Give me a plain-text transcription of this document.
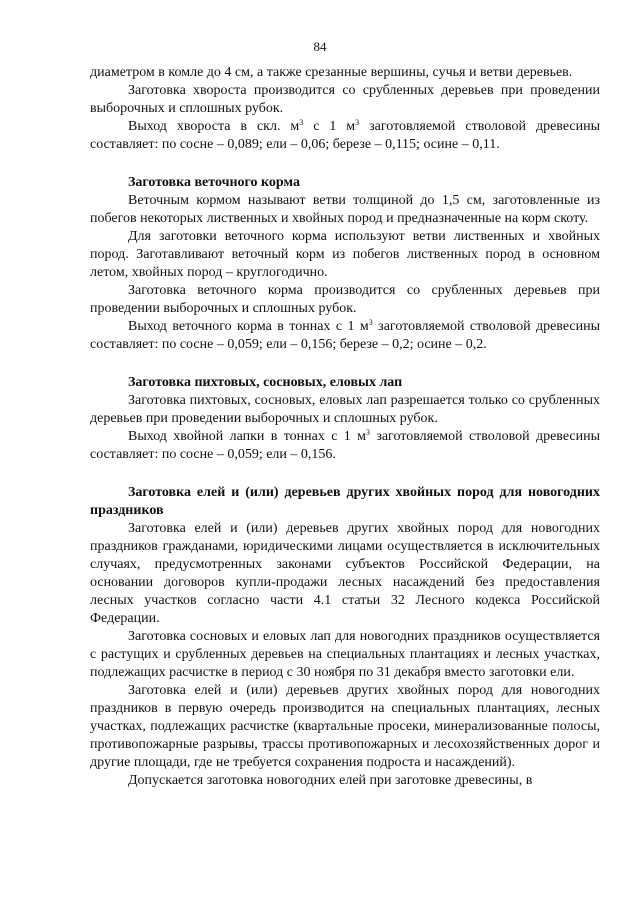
84

диаметром в комле до 4 см, а также срезанные вершины, сучья и ветви деревьев.

Заготовка хвороста производится со срубленных деревьев при проведении выборочных и сплошных рубок.

Выход хвороста в скл. $м^3$ с 1 $м^3$ заготовляемой стволовой древесины составляет: по сосне – 0,089; ели – 0,06; березе – 0,115; осине – 0,11.

Заготовка веточного корма

Веточным кормом называют ветви толщиной до 1,5 см, заготовленные из побегов некоторых лиственных и хвойных пород и предназначенные на корм скоту.

Для заготовки веточного корма используют ветви лиственных и хвойных пород. Заготавливают веточный корм из побегов лиственных пород в основном летом, хвойных пород – круглогодично.

Заготовка веточного корма производится со срубленных деревьев при проведении выборочных и сплошных рубок.

Выход веточного корма в тоннах с 1 $м^3$ заготовляемой стволовой древесины составляет: по сосне – 0,059; ели – 0,156; березе – 0,2; осине – 0,2.

Заготовка пихтовых, сосновых, еловых лап

Заготовка пихтовых, сосновых, еловых лап разрешается только со срубленных деревьев при проведении выборочных и сплошных рубок.

Выход хвойной лапки в тоннах с 1 $м^3$ заготовляемой стволовой древесины составляет: по сосне – 0,059; ели – 0,156.

Заготовка елей и (или) деревьев других хвойных пород для новогодних праздников

Заготовка елей и (или) деревьев других хвойных пород для новогодних праздников гражданами, юридическими лицами осуществляется в исключительных случаях, предусмотренных законами субъектов Российской Федерации, на основании договоров купли-продажи лесных насаждений без предоставления лесных участков согласно части 4.1 статьи 32 Лесного кодекса Российской Федерации.

Заготовка сосновых и еловых лап для новогодних праздников осуществляется с растущих и срубленных деревьев на специальных плантациях и лесных участках, подлежащих расчистке в период с 30 ноября по 31 декабря вместо заготовки ели.

Заготовка елей и (или) деревьев других хвойных пород для новогодних праздников в первую очередь производится на специальных плантациях, лесных участках, подлежащих расчистке (квартальные просеки, минерализованные полосы, противопожарные разрывы, трассы противопожарных и лесохозяйственных дорог и другие площади, где не требуется сохранения подроста и насаждений).

Допускается заготовка новогодних елей при заготовке древесины, в
